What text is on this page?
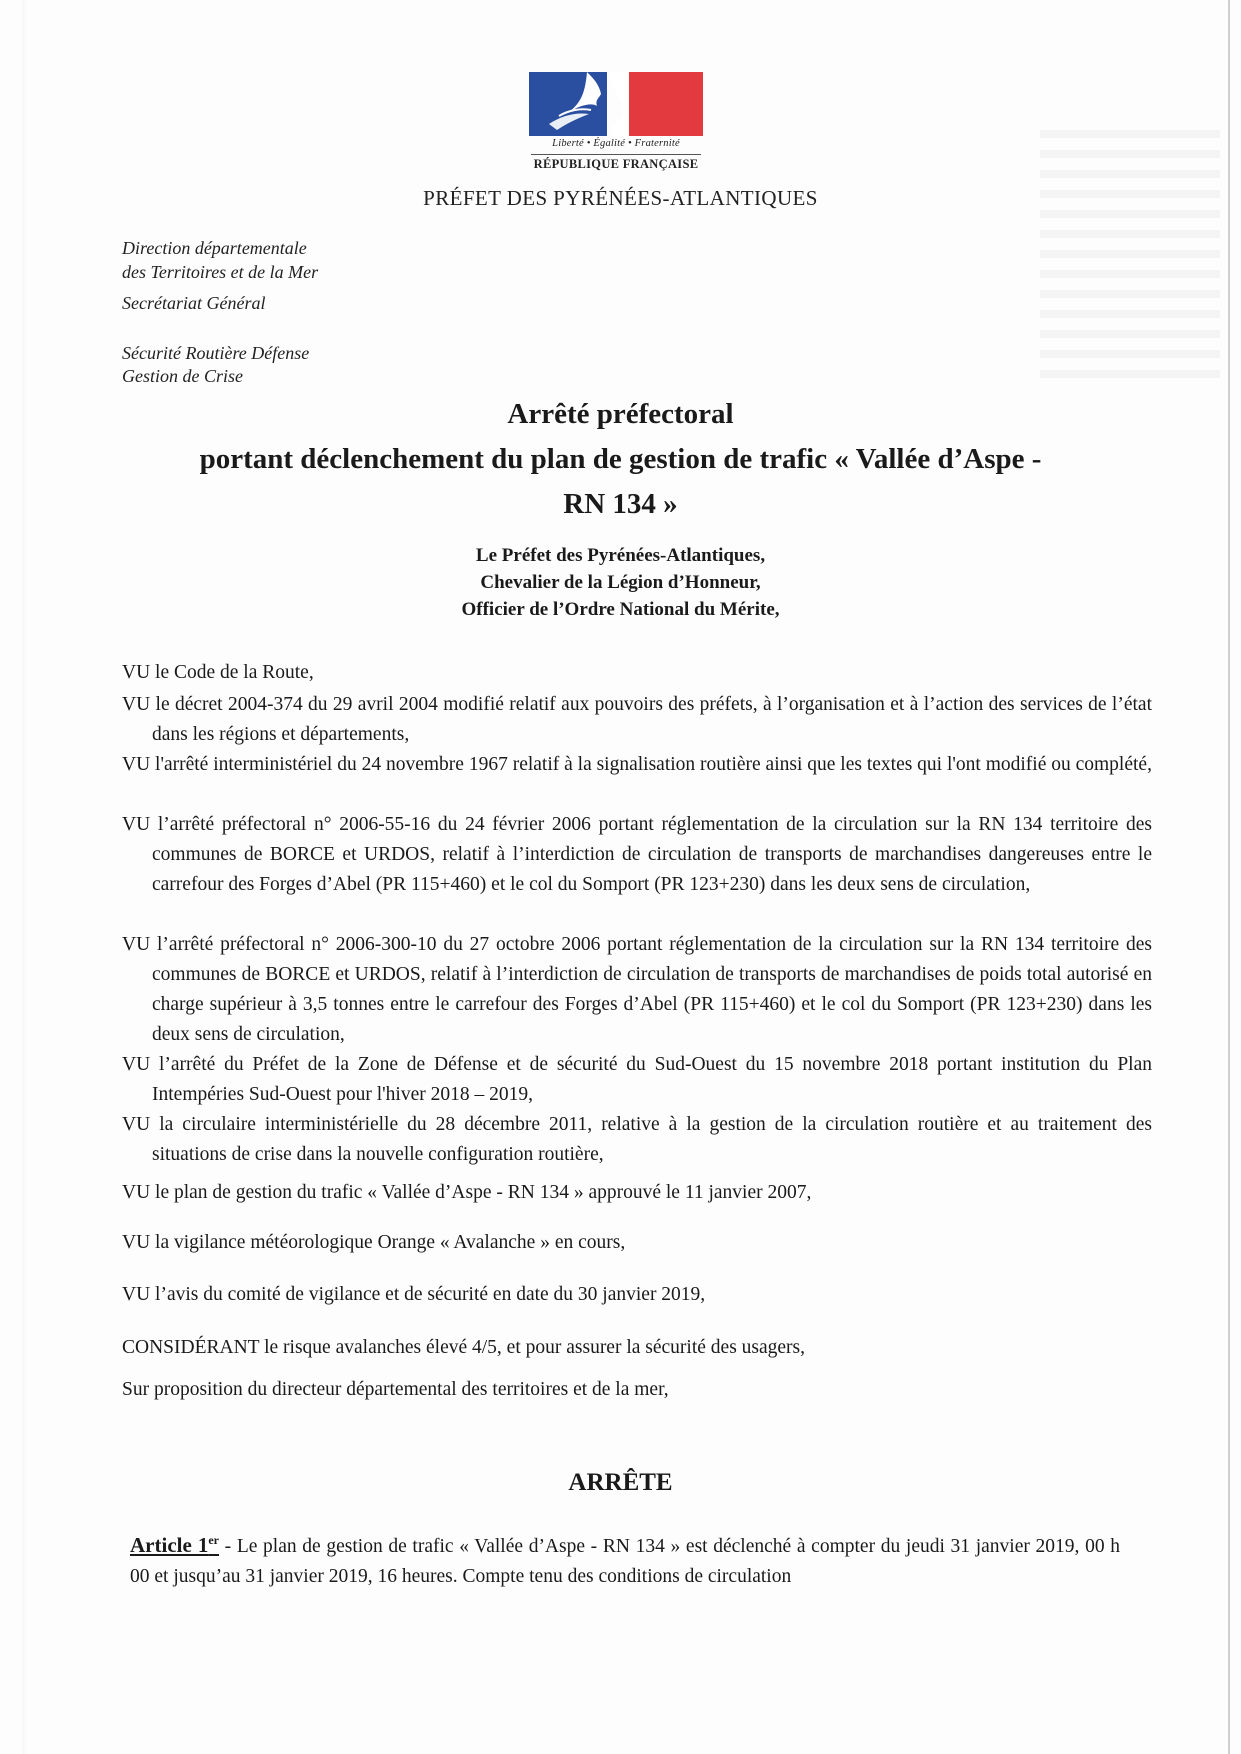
Liberté • Égalité • Fraternité
RÉPUBLIQUE FRANÇAISE
PRÉFET DES PYRÉNÉES-ATLANTIQUES
Direction départementale
des Territoires et de la Mer
Secrétariat Général
Sécurité Routière Défense
Gestion de Crise
Arrêté préfectoral
portant déclenchement du plan de gestion de trafic « Vallée d’Aspe -
RN 134 »
Le Préfet des Pyrénées-Atlantiques,
Chevalier de la Légion d’Honneur,
Officier de l’Ordre National du Mérite,

VU le Code de la Route,

VU le décret 2004-374 du 29 avril 2004 modifié relatif aux pouvoirs des préfets, à l’organisation et à l’action des services de l’état dans les régions et départements,

VU l'arrêté interministériel du 24 novembre 1967 relatif à la signalisation routière ainsi que les textes qui l'ont modifié ou complété,

VU l’arrêté préfectoral n° 2006-55-16 du 24 février 2006 portant réglementation de la circulation sur la RN 134 territoire des communes de BORCE et URDOS, relatif à l’interdiction de circulation de transports de marchandises dangereuses entre le carrefour des Forges d’Abel (PR 115+460) et le col du Somport (PR 123+230) dans les deux sens de circulation,

VU l’arrêté préfectoral n° 2006-300-10 du 27 octobre 2006 portant réglementation de la circulation sur la RN 134 territoire des communes de BORCE et URDOS, relatif à l’interdiction de circulation de transports de marchandises de poids total autorisé en charge supérieur à 3,5 tonnes entre le carrefour des Forges d’Abel (PR 115+460) et le col du Somport (PR 123+230) dans les deux sens de circulation,

VU l’arrêté du Préfet de la Zone de Défense et de sécurité du Sud-Ouest du 15 novembre 2018 portant institution du Plan Intempéries Sud-Ouest pour l'hiver 2018 – 2019,

VU la circulaire interministérielle du 28 décembre 2011, relative à la gestion de la circulation routière et au traitement des situations de crise dans la nouvelle configuration routière,

VU le plan de gestion du trafic « Vallée d’Aspe - RN 134 » approuvé le 11 janvier 2007,

VU la vigilance météorologique Orange « Avalanche » en cours,

VU l’avis du comité de vigilance et de sécurité en date du 30 janvier 2019,

CONSIDÉRANT le risque avalanches élevé 4/5, et pour assurer la sécurité des usagers,

Sur proposition du directeur départemental des territoires et de la mer,

ARRÊTE
Article 1er - Le plan de gestion de trafic « Vallée d’Aspe - RN 134 » est déclenché à compter du jeudi 31 janvier 2019, 00 h 00 et jusqu’au 31 janvier 2019, 16 heures. Compte tenu des conditions de circulation
